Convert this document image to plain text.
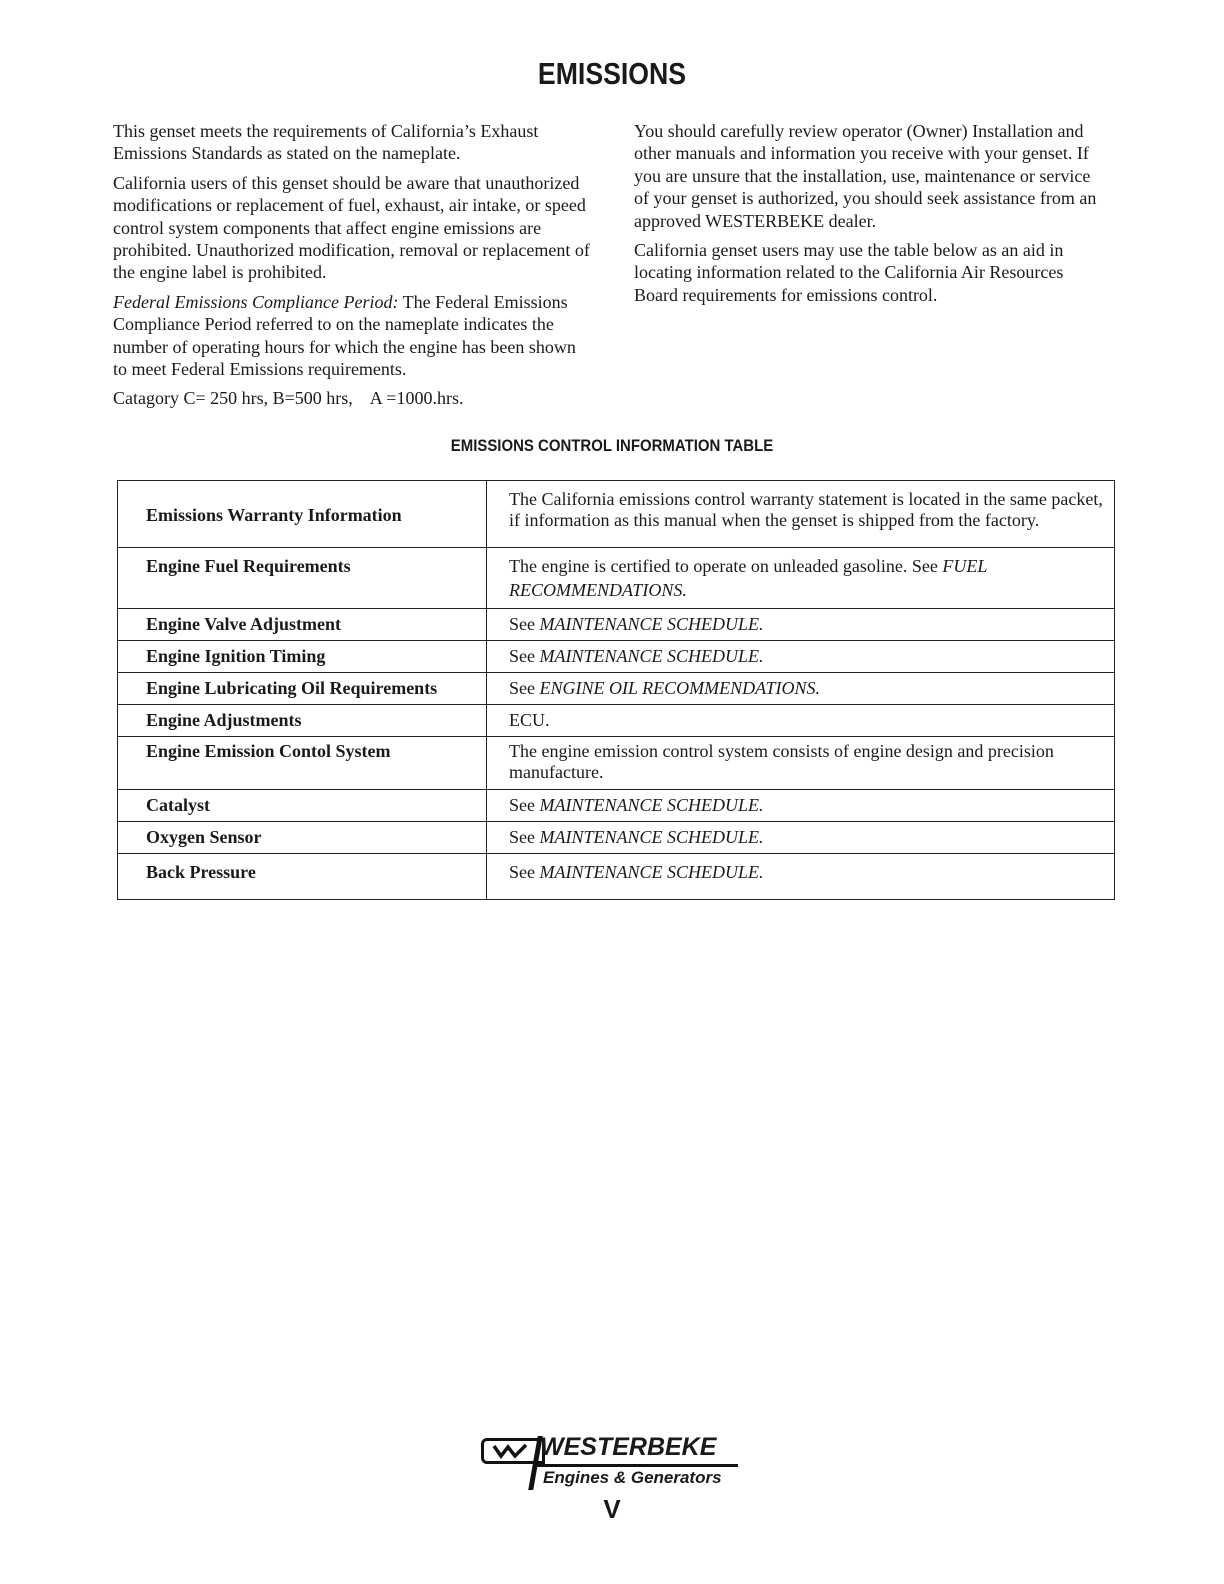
EMISSIONS

This genset meets the requirements of California’s Exhaust Emissions Standards as stated on the nameplate.

California users of this genset should be aware that unauthorized modifications or replacement of fuel, exhaust, air intake, or speed control system components that affect engine emissions are prohibited. Unauthorized modification, removal or replacement of the engine label is prohibited.

Federal Emissions Compliance Period: The Federal Emissions Compliance Period referred to on the nameplate indicates the number of operating hours for which the engine has been shown to meet Federal Emissions requirements.

Catagory C= 250 hrs, B=500 hrs,    A =1000.hrs.

You should carefully review operator (Owner) Installation and other manuals and information you receive with your genset. If you are unsure that the installation, use, maintenance or service of your genset is authorized, you should seek assistance from an approved WESTERBEKE dealer.

California genset users may use the table below as an aid in locating information related to the California Air Resources Board requirements for emissions control.

EMISSIONS CONTROL INFORMATION TABLE
Emissions Warranty Information	The California emissions control warranty statement is located in the same packet, if information as this manual when the genset is shipped from the factory.
Engine Fuel Requirements	The engine is certified to operate on unleaded gasoline. See FUEL RECOMMENDATIONS.
Engine Valve Adjustment	See MAINTENANCE SCHEDULE.
Engine Ignition Timing	See MAINTENANCE SCHEDULE.
Engine Lubricating Oil Requirements	See ENGINE OIL RECOMMENDATIONS.
Engine Adjustments	ECU.
Engine Emission Contol System	The engine emission control system consists of engine design and precision manufacture.
Catalyst	See MAINTENANCE SCHEDULE.
Oxygen Sensor	See MAINTENANCE SCHEDULE.
Back Pressure	See MAINTENANCE SCHEDULE.
WESTERBEKE
Engines & Generators
V
